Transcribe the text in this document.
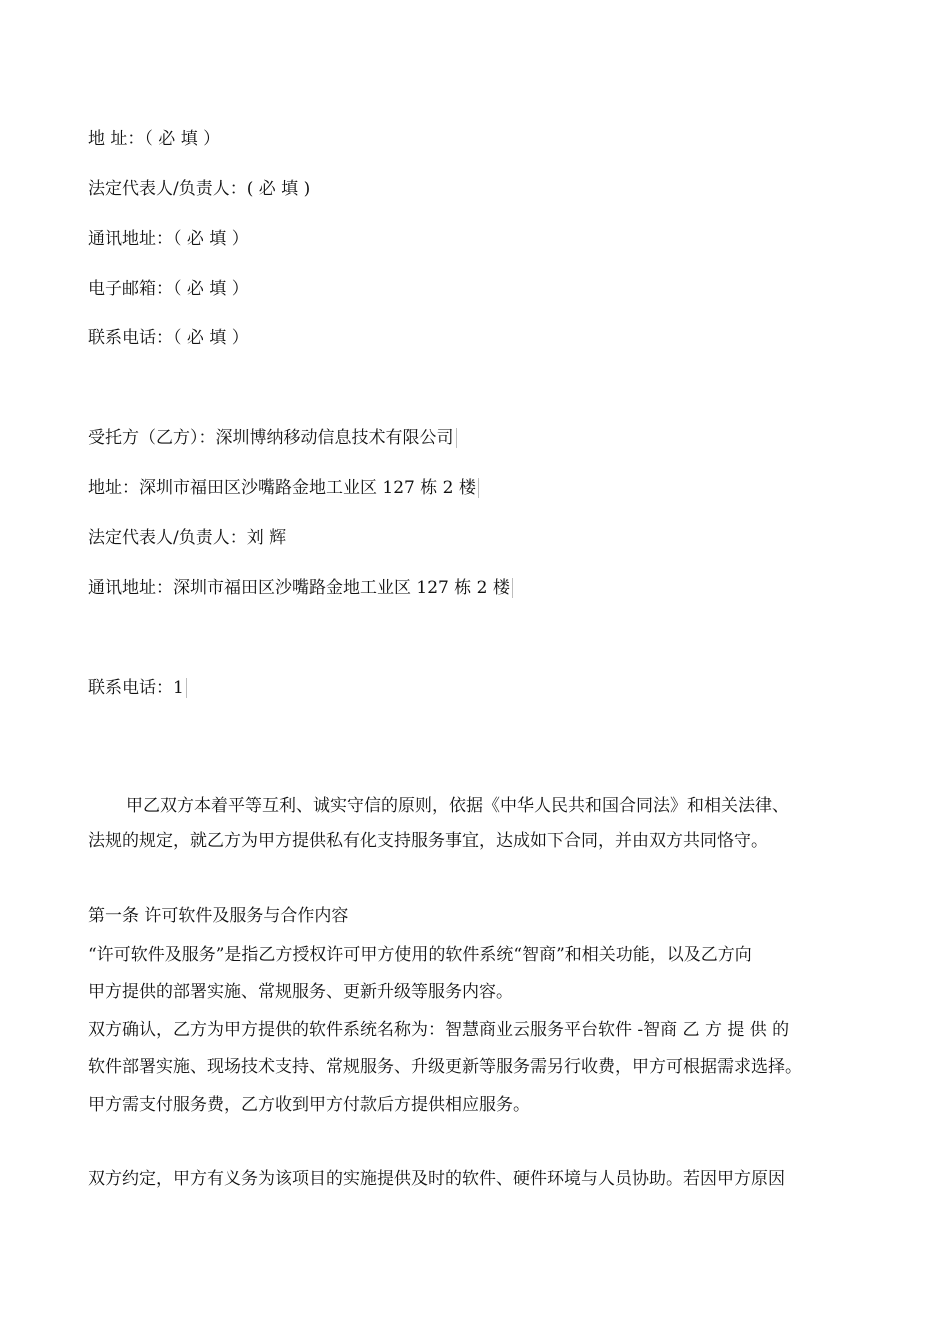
地 址：（ 必 填 ）
法定代表人/负责人：( 必 填 )
通讯地址：（ 必 填 ）
电子邮箱：（ 必 填 ）
联系电话：（ 必 填 ）
受托方（乙方）：深圳博纳移动信息技术有限公司
地址：深圳市福田区沙嘴路金地工业区 127 栋 2 楼
法定代表人/负责人：刘 辉
通讯地址：深圳市福田区沙嘴路金地工业区 127 栋 2 楼
联系电话：1
甲乙双方本着平等互利、诚实守信的原则，依据《中华人民共和国合同法》和相关法律、
法规的规定，就乙方为甲方提供私有化支持服务事宜，达成如下合同，并由双方共同恪守。
第一条 许可软件及服务与合作内容
“许可软件及服务”是指乙方授权许可甲方使用的软件系统“智商”和相关功能，以及乙方向
甲方提供的部署实施、常规服务、更新升级等服务内容。
双方确认，乙方为甲方提供的软件系统名称为：智慧商业云服务平台软件 -智商 乙 方 提 供 的
软件部署实施、现场技术支持、常规服务、升级更新等服务需另行收费，甲方可根据需求选择。
甲方需支付服务费，乙方收到甲方付款后方提供相应服务。
双方约定，甲方有义务为该项目的实施提供及时的软件、硬件环境与人员协助。若因甲方原因
